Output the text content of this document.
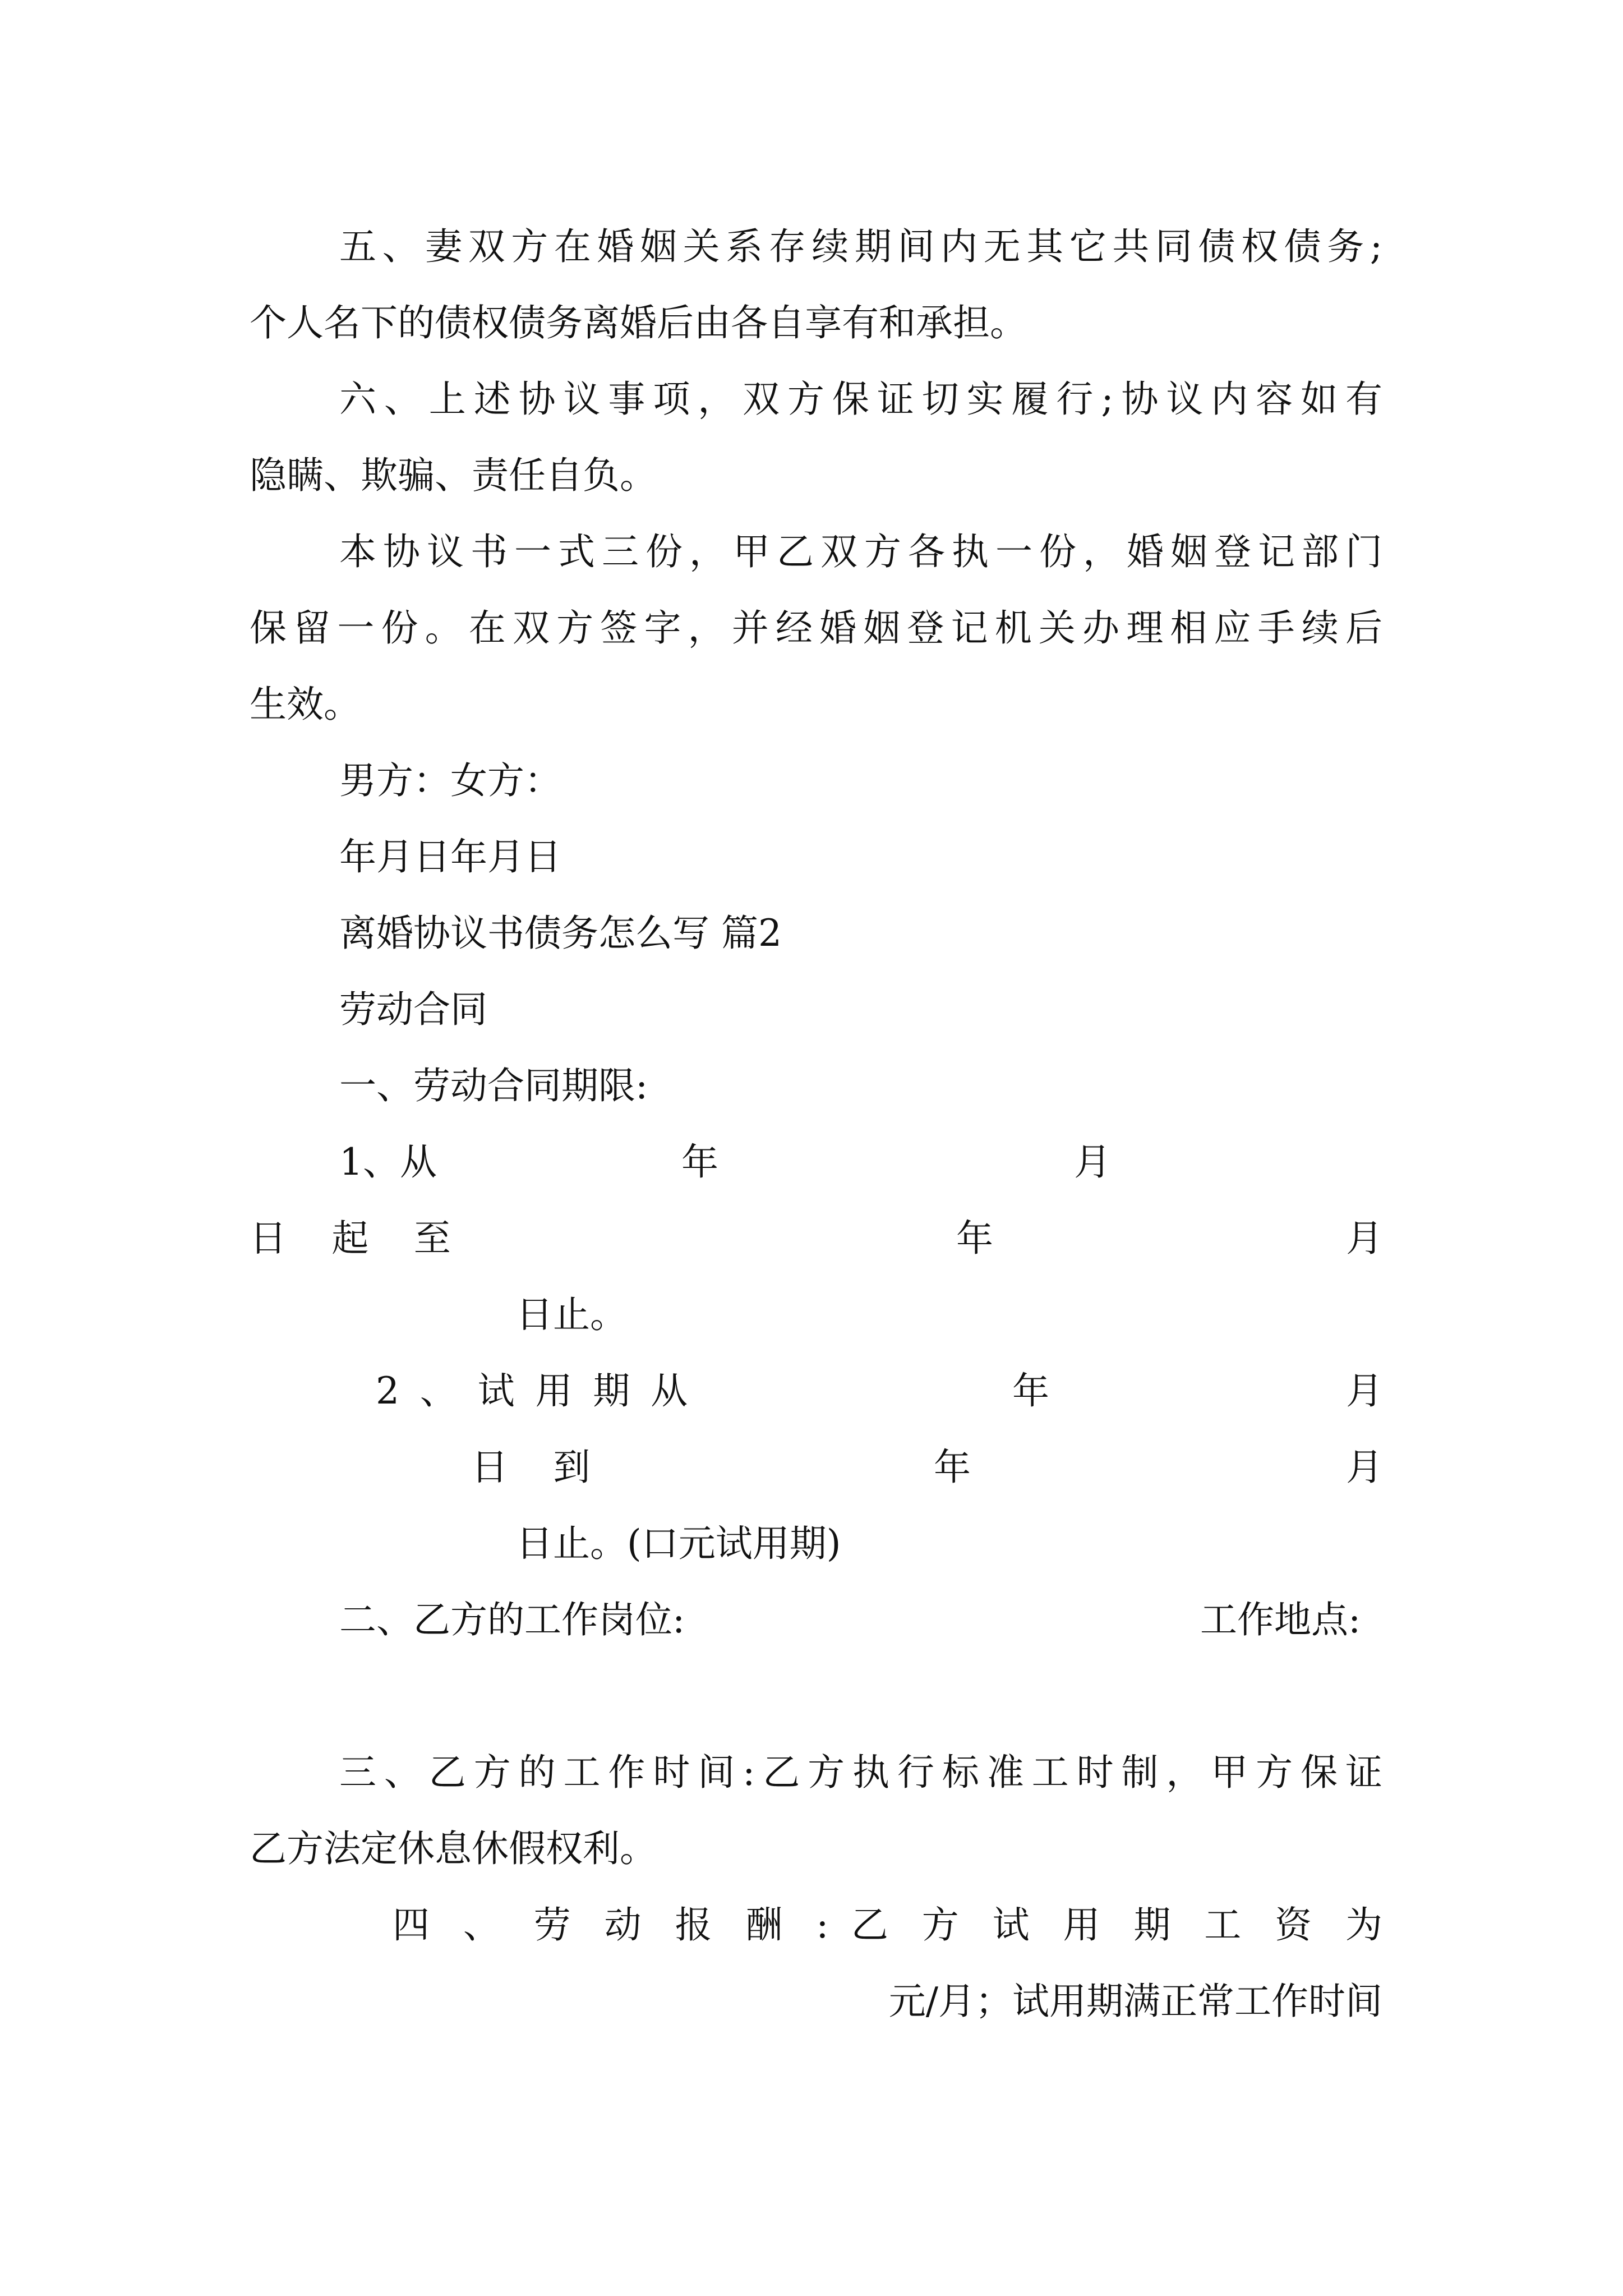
五、妻双方在婚姻关系存续期间内无其它共同债权债务;
个人名下的债权债务离婚后由各自享有和承担。
六、上述协议事项，双方保证切实履行;协议内容如有
隐瞒、欺骗、责任自负。
本协议书一式三份，甲乙双方各执一份，婚姻登记部门
保留一份。在双方签字，并经婚姻登记机关办理相应手续后
生效。
男方：女方：
年月日年月日
离婚协议书债务怎么写 篇2
劳动合同
一、劳动合同期限:
1、从	年	月
日 起 至	年	月
日止。
2 、 试 用 期 从	年	月
日 到	年	月
日止。(口元试用期)
二、乙方的工作岗位:	工作地点:
三、乙方的工作时间:乙方执行标准工时制，甲方保证
乙方法定休息休假权利。
四 、 劳 动 报 酬 : 乙 方 试 用 期 工 资 为
元/月；试用期满正常工作时间
